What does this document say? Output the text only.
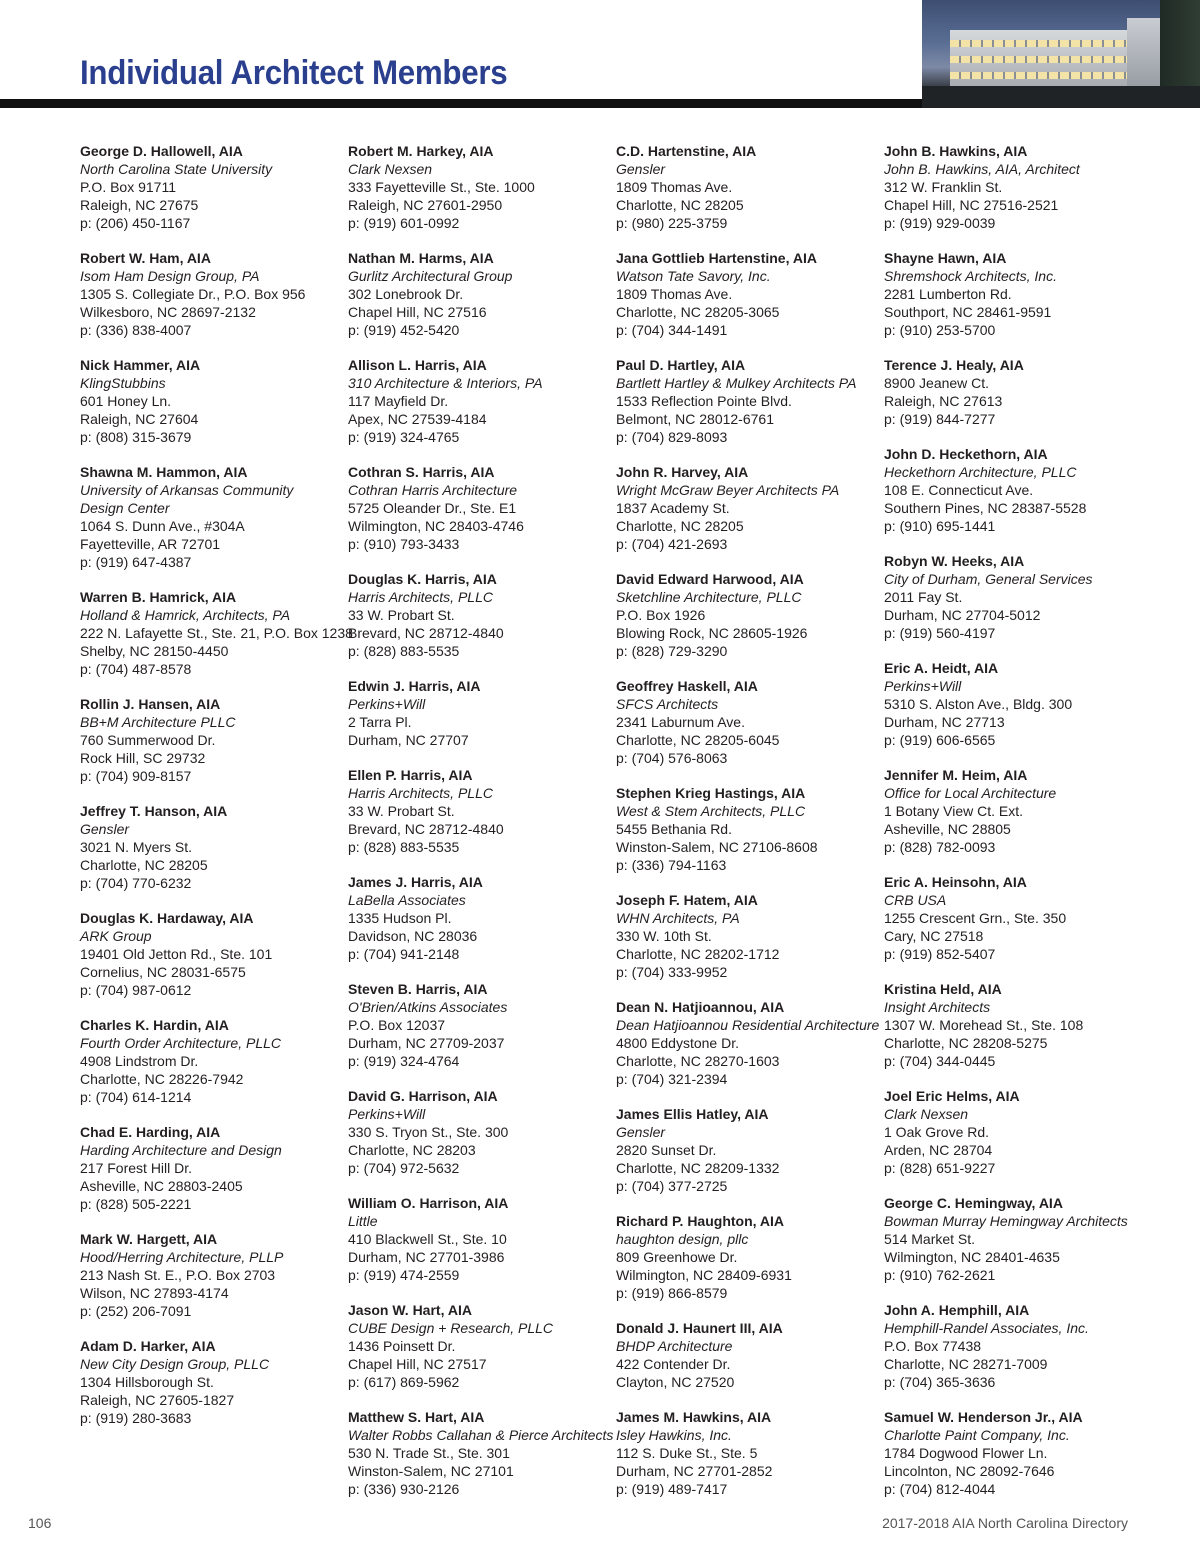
Individual Architect Members
George D. Hallowell, AIA
North Carolina State University
P.O. Box 91711
Raleigh, NC 27675
p: (206) 450-1167
Robert W. Ham, AIA
Isom Ham Design Group, PA
1305 S. Collegiate Dr., P.O. Box 956
Wilkesboro, NC 28697-2132
p: (336) 838-4007
Nick Hammer, AIA
KlingStubbins
601 Honey Ln.
Raleigh, NC 27604
p: (808) 315-3679
Shawna M. Hammon, AIA
University of Arkansas Community
Design Center
1064 S. Dunn Ave., #304A
Fayetteville, AR 72701
p: (919) 647-4387
Warren B. Hamrick, AIA
Holland & Hamrick, Architects, PA
222 N. Lafayette St., Ste. 21, P.O. Box 1238
Shelby, NC 28150-4450
p: (704) 487-8578
Rollin J. Hansen, AIA
BB+M Architecture PLLC
760 Summerwood Dr.
Rock Hill, SC 29732
p: (704) 909-8157
Jeffrey T. Hanson, AIA
Gensler
3021 N. Myers St.
Charlotte, NC 28205
p: (704) 770-6232
Douglas K. Hardaway, AIA
ARK Group
19401 Old Jetton Rd., Ste. 101
Cornelius, NC 28031-6575
p: (704) 987-0612
Charles K. Hardin, AIA
Fourth Order Architecture, PLLC
4908 Lindstrom Dr.
Charlotte, NC 28226-7942
p: (704) 614-1214
Chad E. Harding, AIA
Harding Architecture and Design
217 Forest Hill Dr.
Asheville, NC 28803-2405
p: (828) 505-2221
Mark W. Hargett, AIA
Hood/Herring Architecture, PLLP
213 Nash St. E., P.O. Box 2703
Wilson, NC 27893-4174
p: (252) 206-7091
Adam D. Harker, AIA
New City Design Group, PLLC
1304 Hillsborough St.
Raleigh, NC 27605-1827
p: (919) 280-3683
Robert M. Harkey, AIA
Clark Nexsen
333 Fayetteville St., Ste. 1000
Raleigh, NC 27601-2950
p: (919) 601-0992
Nathan M. Harms, AIA
Gurlitz Architectural Group
302 Lonebrook Dr.
Chapel Hill, NC 27516
p: (919) 452-5420
Allison L. Harris, AIA
310 Architecture & Interiors, PA
117 Mayfield Dr.
Apex, NC 27539-4184
p: (919) 324-4765
Cothran S. Harris, AIA
Cothran Harris Architecture
5725 Oleander Dr., Ste. E1
Wilmington, NC 28403-4746
p: (910) 793-3433
Douglas K. Harris, AIA
Harris Architects, PLLC
33 W. Probart St.
Brevard, NC 28712-4840
p: (828) 883-5535
Edwin J. Harris, AIA
Perkins+Will
2 Tarra Pl.
Durham, NC 27707
Ellen P. Harris, AIA
Harris Architects, PLLC
33 W. Probart St.
Brevard, NC 28712-4840
p: (828) 883-5535
James J. Harris, AIA
LaBella Associates
1335 Hudson Pl.
Davidson, NC 28036
p: (704) 941-2148
Steven B. Harris, AIA
O'Brien/Atkins Associates
P.O. Box 12037
Durham, NC 27709-2037
p: (919) 324-4764
David G. Harrison, AIA
Perkins+Will
330 S. Tryon St., Ste. 300
Charlotte, NC 28203
p: (704) 972-5632
William O. Harrison, AIA
Little
410 Blackwell St., Ste. 10
Durham, NC 27701-3986
p: (919) 474-2559
Jason W. Hart, AIA
CUBE Design + Research, PLLC
1436 Poinsett Dr.
Chapel Hill, NC 27517
p: (617) 869-5962
Matthew S. Hart, AIA
Walter Robbs Callahan & Pierce Architects
530 N. Trade St., Ste. 301
Winston-Salem, NC 27101
p: (336) 930-2126
C.D. Hartenstine, AIA
Gensler
1809 Thomas Ave.
Charlotte, NC 28205
p: (980) 225-3759
Jana Gottlieb Hartenstine, AIA
Watson Tate Savory, Inc.
1809 Thomas Ave.
Charlotte, NC 28205-3065
p: (704) 344-1491
Paul D. Hartley, AIA
Bartlett Hartley & Mulkey Architects PA
1533 Reflection Pointe Blvd.
Belmont, NC 28012-6761
p: (704) 829-8093
John R. Harvey, AIA
Wright McGraw Beyer Architects PA
1837 Academy St.
Charlotte, NC 28205
p: (704) 421-2693
David Edward Harwood, AIA
Sketchline Architecture, PLLC
P.O. Box 1926
Blowing Rock, NC 28605-1926
p: (828) 729-3290
Geoffrey Haskell, AIA
SFCS Architects
2341 Laburnum Ave.
Charlotte, NC 28205-6045
p: (704) 576-8063
Stephen Krieg Hastings, AIA
West & Stem Architects, PLLC
5455 Bethania Rd.
Winston-Salem, NC 27106-8608
p: (336) 794-1163
Joseph F. Hatem, AIA
WHN Architects, PA
330 W. 10th St.
Charlotte, NC 28202-1712
p: (704) 333-9952
Dean N. Hatjioannou, AIA
Dean Hatjioannou Residential Architecture
4800 Eddystone Dr.
Charlotte, NC 28270-1603
p: (704) 321-2394
James Ellis Hatley, AIA
Gensler
2820 Sunset Dr.
Charlotte, NC 28209-1332
p: (704) 377-2725
Richard P. Haughton, AIA
haughton design, pllc
809 Greenhowe Dr.
Wilmington, NC 28409-6931
p: (919) 866-8579
Donald J. Haunert III, AIA
BHDP Architecture
422 Contender Dr.
Clayton, NC 27520
James M. Hawkins, AIA
Isley Hawkins, Inc.
112 S. Duke St., Ste. 5
Durham, NC 27701-2852
p: (919) 489-7417
John B. Hawkins, AIA
John B. Hawkins, AIA, Architect
312 W. Franklin St.
Chapel Hill, NC 27516-2521
p: (919) 929-0039
Shayne Hawn, AIA
Shremshock Architects, Inc.
2281 Lumberton Rd.
Southport, NC 28461-9591
p: (910) 253-5700
Terence J. Healy, AIA
8900 Jeanew Ct.
Raleigh, NC 27613
p: (919) 844-7277
John D. Heckethorn, AIA
Heckethorn Architecture, PLLC
108 E. Connecticut Ave.
Southern Pines, NC 28387-5528
p: (910) 695-1441
Robyn W. Heeks, AIA
City of Durham, General Services
2011 Fay St.
Durham, NC 27704-5012
p: (919) 560-4197
Eric A. Heidt, AIA
Perkins+Will
5310 S. Alston Ave., Bldg. 300
Durham, NC 27713
p: (919) 606-6565
Jennifer M. Heim, AIA
Office for Local Architecture
1 Botany View Ct. Ext.
Asheville, NC 28805
p: (828) 782-0093
Eric A. Heinsohn, AIA
CRB USA
1255 Crescent Grn., Ste. 350
Cary, NC 27518
p: (919) 852-5407
Kristina Held, AIA
Insight Architects
1307 W. Morehead St., Ste. 108
Charlotte, NC 28208-5275
p: (704) 344-0445
Joel Eric Helms, AIA
Clark Nexsen
1 Oak Grove Rd.
Arden, NC 28704
p: (828) 651-9227
George C. Hemingway, AIA
Bowman Murray Hemingway Architects
514 Market St.
Wilmington, NC 28401-4635
p: (910) 762-2621
John A. Hemphill, AIA
Hemphill-Randel Associates, Inc.
P.O. Box 77438
Charlotte, NC 28271-7009
p: (704) 365-3636
Samuel W. Henderson Jr., AIA
Charlotte Paint Company, Inc.
1784 Dogwood Flower Ln.
Lincolnton, NC 28092-7646
p: (704) 812-4044
106	2017-2018 AIA North Carolina Directory
